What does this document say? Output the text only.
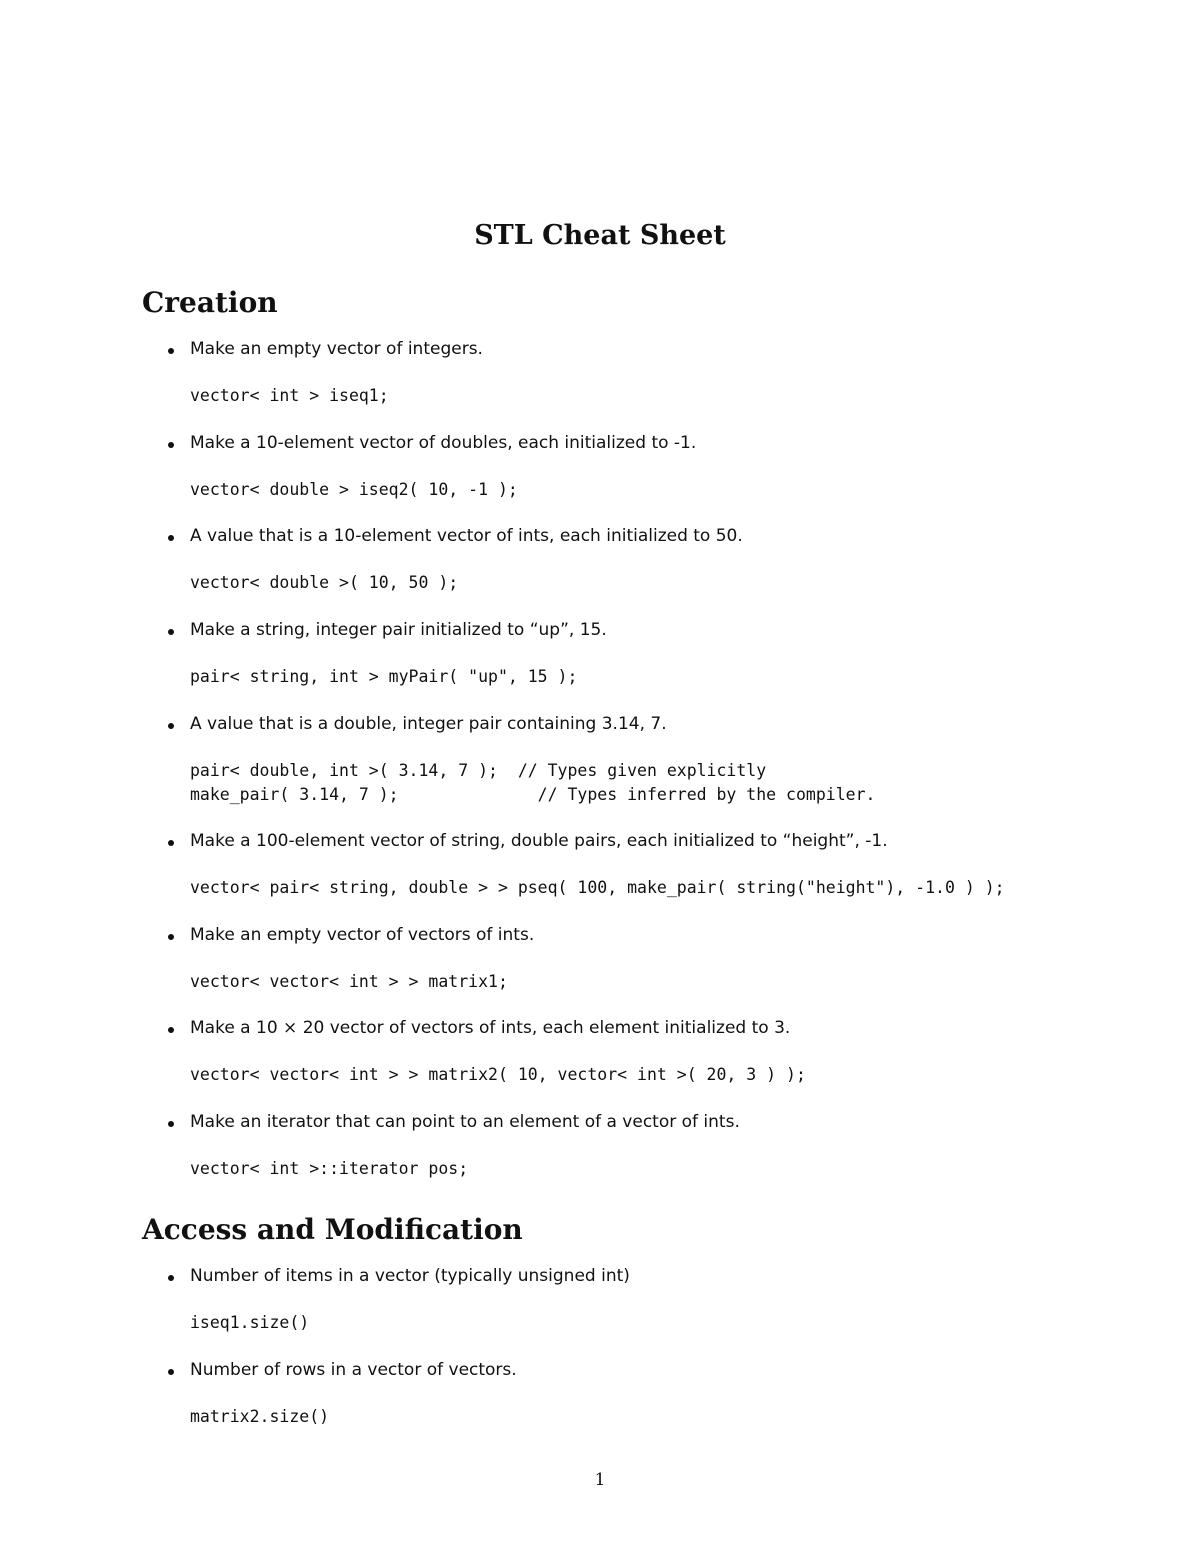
STL Cheat Sheet
Creation
Make an empty vector of integers.
vector< int > iseq1;
Make a 10-element vector of doubles, each initialized to -1.
vector< double > iseq2( 10, -1 );
A value that is a 10-element vector of ints, each initialized to 50.
vector< double >( 10, 50 );
Make a string, integer pair initialized to “up”, 15.
pair< string, int > myPair( "up", 15 );
A value that is a double, integer pair containing 3.14, 7.
pair< double, int >( 3.14, 7 );  // Types given explicitly
make_pair( 3.14, 7 );              // Types inferred by the compiler.
Make a 100-element vector of string, double pairs, each initialized to “height”, -1.
vector< pair< string, double > > pseq( 100, make_pair( string("height"), -1.0 ) );
Make an empty vector of vectors of ints.
vector< vector< int > > matrix1;
Make a 10 × 20 vector of vectors of ints, each element initialized to 3.
vector< vector< int > > matrix2( 10, vector< int >( 20, 3 ) );
Make an iterator that can point to an element of a vector of ints.
vector< int >::iterator pos;
Access and Modification
Number of items in a vector (typically unsigned int)
iseq1.size()
Number of rows in a vector of vectors.
matrix2.size()
1
